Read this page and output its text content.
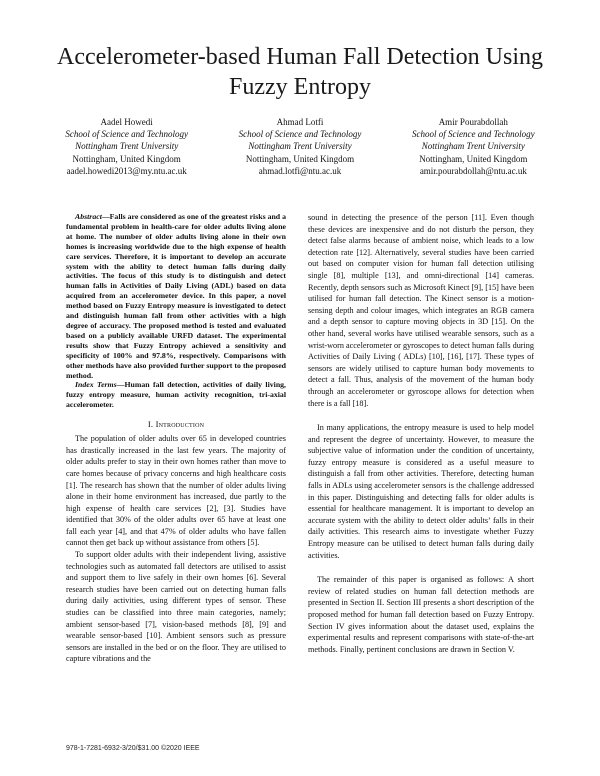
Accelerometer-based Human Fall Detection Using
Fuzzy Entropy
Aadel Howedi
School of Science and Technology
Nottingham Trent University
Nottingham, United Kingdom
aadel.howedi2013@my.ntu.ac.uk
Ahmad Lotfi
School of Science and Technology
Nottingham Trent University
Nottingham, United Kingdom
ahmad.lotfi@ntu.ac.uk
Amir Pourabdollah
School of Science and Technology
Nottingham Trent University
Nottingham, United Kingdom
amir.pourabdollah@ntu.ac.uk

Abstract—Falls are considered as one of the greatest risks and a fundamental problem in health-care for older adults living alone at home. The number of older adults living alone in their own homes is increasing worldwide due to the high expense of health care services. Therefore, it is important to develop an accurate system with the ability to detect human falls during daily activities. The focus of this study is to distinguish and detect human falls in Activities of Daily Living (ADL) based on data acquired from an accelerometer device. In this paper, a novel method based on Fuzzy Entropy measure is investigated to detect and distinguish human fall from other activities with a high degree of accuracy. The proposed method is tested and evaluated based on a publicly available URFD dataset. The experimental results show that Fuzzy Entropy achieved a sensitivity and specificity of 100% and 97.8%, respectively. Comparisons with other methods have also provided further support to the proposed method.

Index Terms—Human fall detection, activities of daily living, fuzzy entropy measure, human activity recognition, tri-axial accelerometer.

I. Introduction

The population of older adults over 65 in developed countries has drastically increased in the last few years. The majority of older adults prefer to stay in their own homes rather than move to care homes because of privacy concerns and high healthcare costs [1]. The research has shown that the number of older adults living alone in their home environment has increased, due partly to the high expense of health care services [2], [3]. Studies have identified that 30% of the older adults over 65 have at least one fall each year [4], and that 47% of older adults who have fallen cannot then get back up without assistance from others [5].

To support older adults with their independent living, assistive technologies such as automated fall detectors are utilised to assist and support them to live safely in their own homes [6]. Several research studies have been carried out on detecting human falls during daily activities, using different types of sensor. These studies can be classified into three main categories, namely; ambient sensor-based [7], vision-based methods [8], [9] and wearable sensor-based [10]. Ambient sensors such as pressure sensors are installed in the bed or on the floor. They are utilised to capture vibrations and the

sound in detecting the presence of the person [11]. Even though these devices are inexpensive and do not disturb the person, they detect false alarms because of ambient noise, which leads to a low detection rate [12]. Alternatively, several studies have been carried out based on computer vision for human fall detection utilising single [8], multiple [13], and omni-directional [14] cameras. Recently, depth sensors such as Microsoft Kinect [9], [15] have been utilised for human fall detection. The Kinect sensor is a motion-sensing depth and colour images, which integrates an RGB camera and a depth sensor to capture moving objects in 3D [15]. On the other hand, several works have utilised wearable sensors, such as a wrist-worn accelerometer or gyroscopes to detect human falls during Activities of Daily Living ( ADLs) [10], [16], [17]. These types of sensors are widely utilised to capture human body movements to detect a fall. Thus, analysis of the movement of the human body through an accelerometer or gyroscope allows for detection when there is a fall [18].

In many applications, the entropy measure is used to help model and represent the degree of uncertainty. However, to measure the subjective value of information under the condition of uncertainty, fuzzy entropy measure is considered as a useful measure to distinguish a fall from other activities. Therefore, detecting human falls in ADLs using accelerometer sensors is the challenge addressed in this paper. Distinguishing and detecting falls for older adults is essential for healthcare management. It is important to develop an accurate system with the ability to detect older adults’ falls in their daily activities. This research aims to investigate whether Fuzzy Entropy measure can be utilised to detect human falls during daily activities.

The remainder of this paper is organised as follows: A short review of related studies on human fall detection methods are presented in Section II. Section III presents a short description of the proposed method for human fall detection based on Fuzzy Entropy. Section IV gives information about the dataset used, explains the experimental results and represent comparisons with state-of-the-art methods. Finally, pertinent conclusions are drawn in Section V.

978-1-7281-6932-3/20/$31.00 ©2020 IEEE
